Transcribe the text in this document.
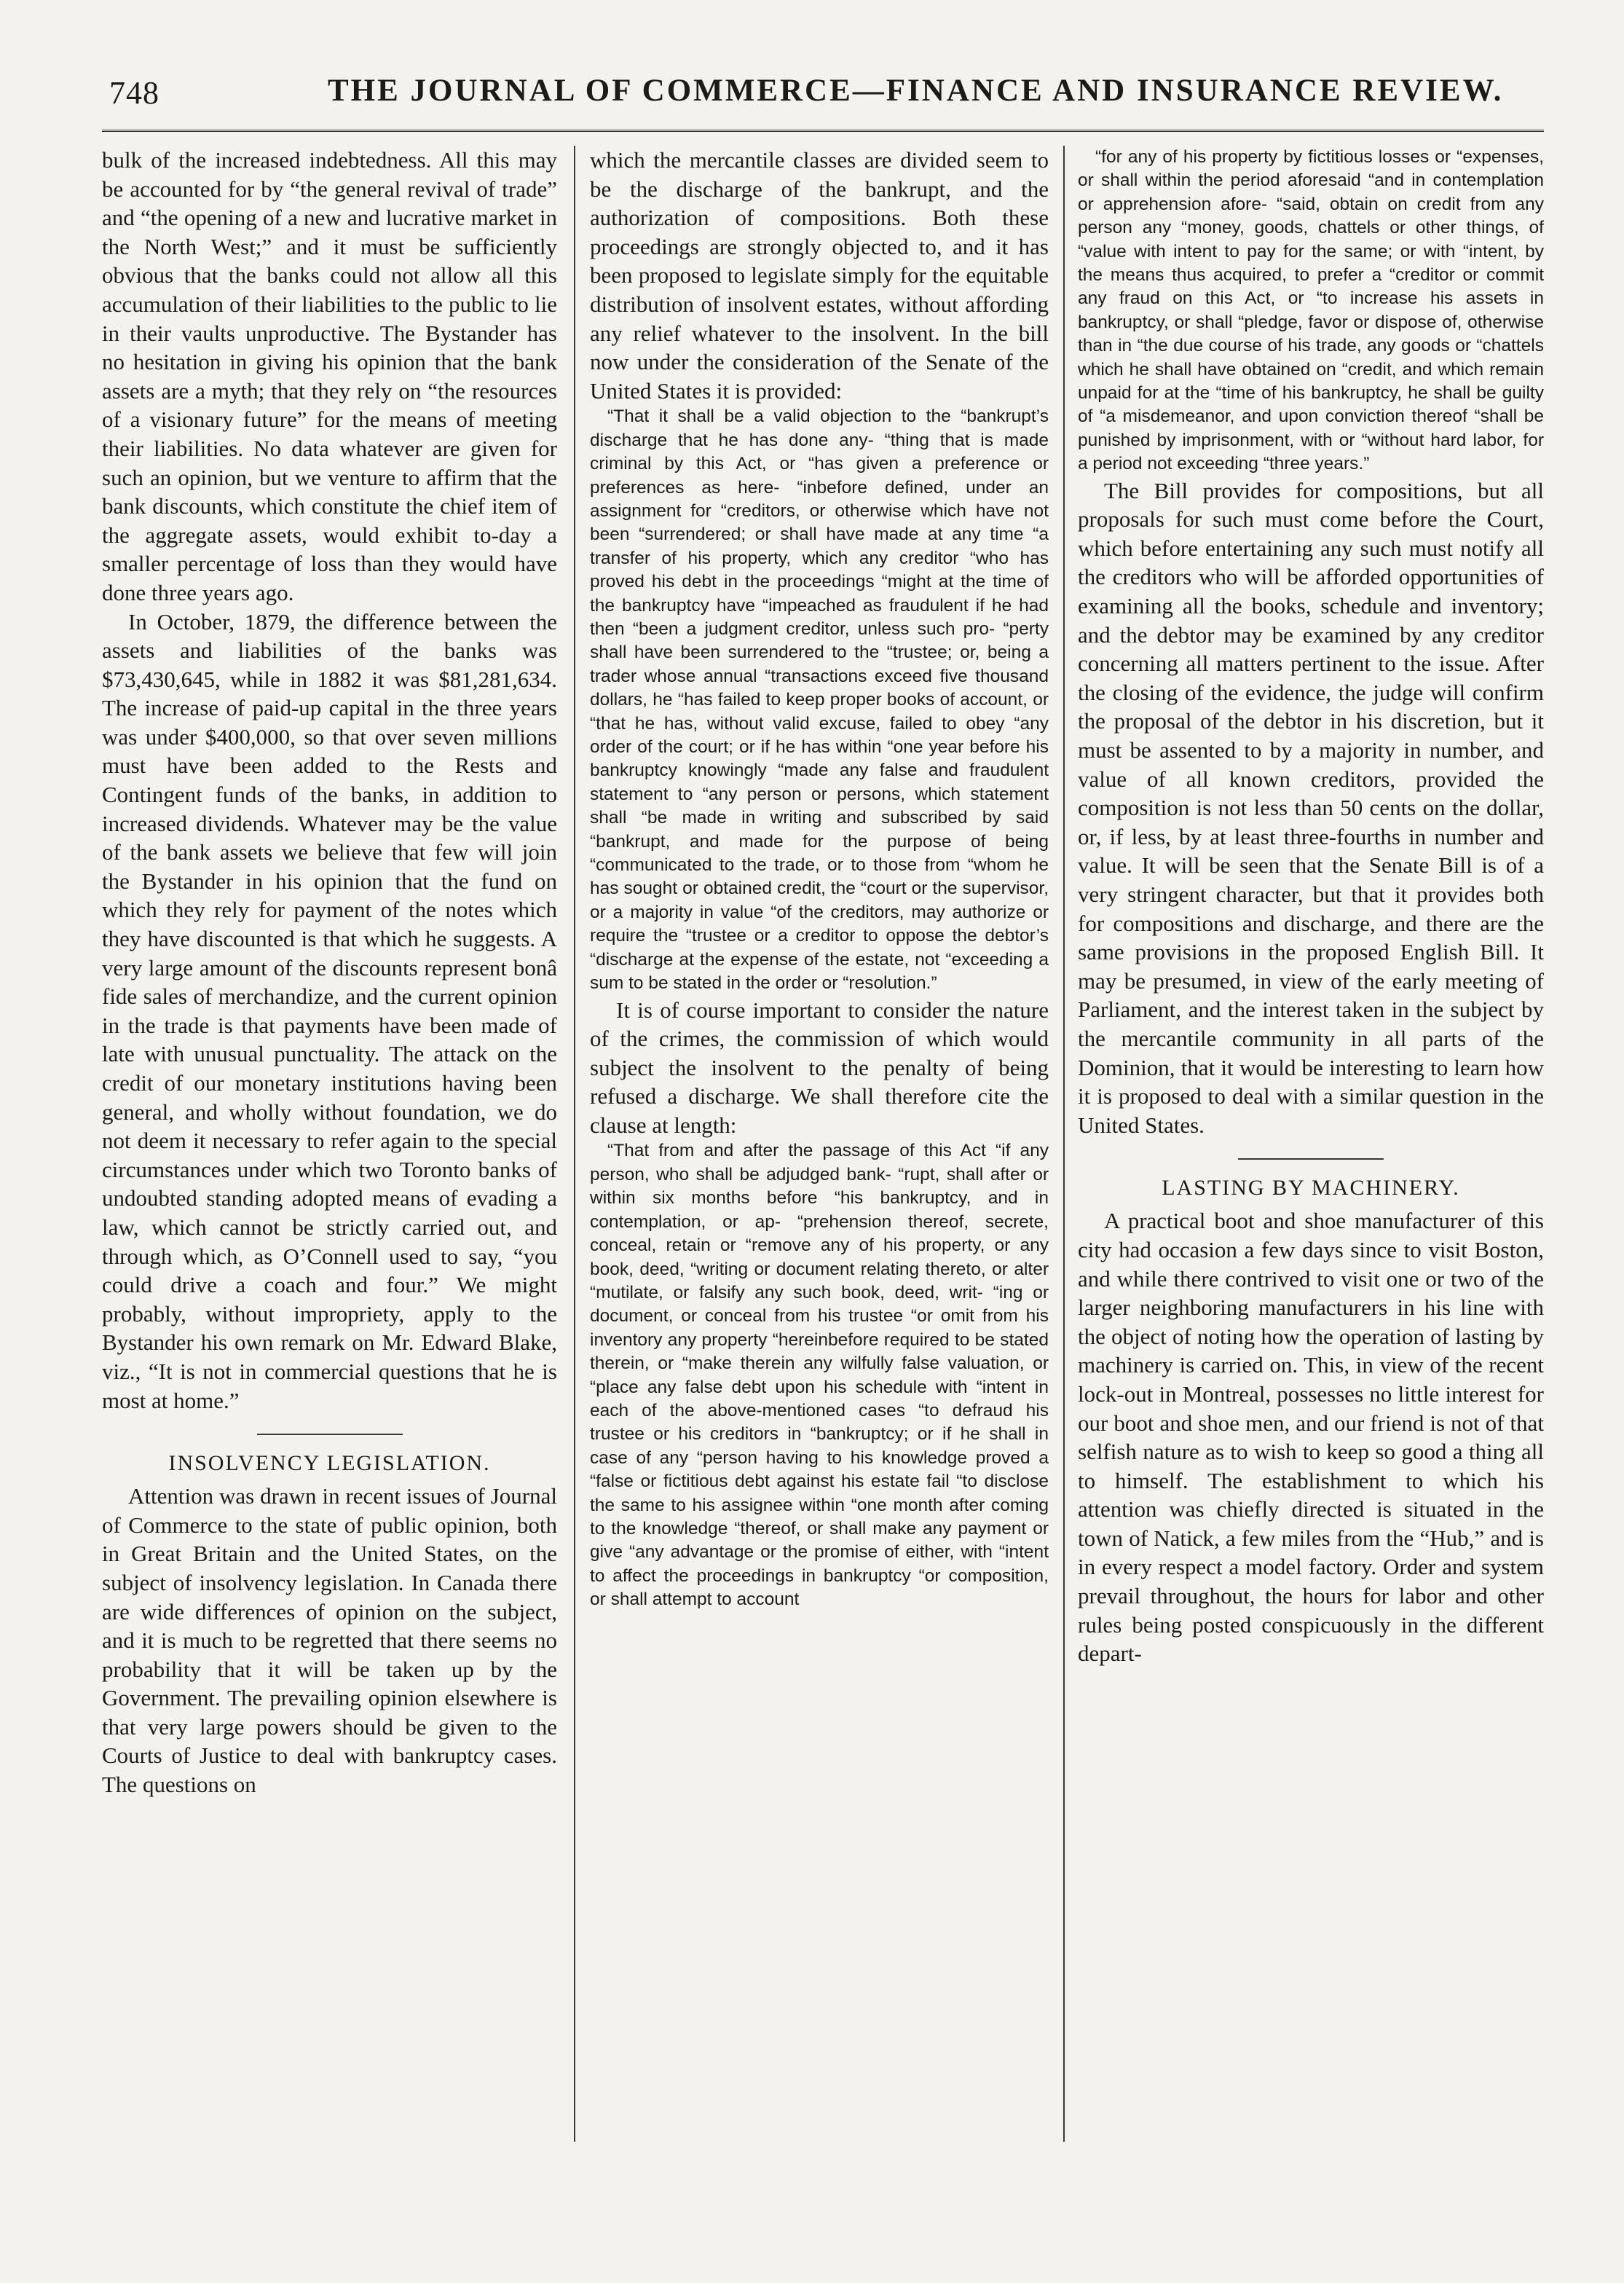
748	THE JOURNAL OF COMMERCE—FINANCE AND INSURANCE REVIEW.

bulk of the increased indebtedness. All this may be accounted for by “the general revival of trade” and “the opening of a new and lucrative market in the North West;” and it must be sufficiently obvious that the banks could not allow all this accumulation of their liabilities to the public to lie in their vaults unproductive. The Bystander has no hesitation in giving his opinion that the bank assets are a myth; that they rely on “the resources of a visionary future” for the means of meeting their liabilities. No data whatever are given for such an opinion, but we venture to affirm that the bank discounts, which constitute the chief item of the aggregate assets, would exhibit to-day a smaller percentage of loss than they would have done three years ago.

In October, 1879, the difference between the assets and liabilities of the banks was $73,430,645, while in 1882 it was $81,281,634. The increase of paid-up capital in the three years was under $400,000, so that over seven millions must have been added to the Rests and Contingent funds of the banks, in addition to increased dividends. Whatever may be the value of the bank assets we believe that few will join the Bystander in his opinion that the fund on which they rely for payment of the notes which they have discounted is that which he suggests. A very large amount of the discounts represent bonâ fide sales of merchandize, and the current opinion in the trade is that payments have been made of late with unusual punctuality. The attack on the credit of our monetary institutions having been general, and wholly without foundation, we do not deem it necessary to refer again to the special circumstances under which two Toronto banks of undoubted standing adopted means of evading a law, which cannot be strictly carried out, and through which, as O’Connell used to say, “you could drive a coach and four.” We might probably, without impropriety, apply to the Bystander his own remark on Mr. Edward Blake, viz., “It is not in commercial questions that he is most at home.”

INSOLVENCY LEGISLATION.

Attention was drawn in recent issues of Journal of Commerce to the state of public opinion, both in Great Britain and the United States, on the subject of insolvency legislation. In Canada there are wide differences of opinion on the subject, and it is much to be regretted that there seems no probability that it will be taken up by the Government. The prevailing opinion elsewhere is that very large powers should be given to the Courts of Justice to deal with bankruptcy cases. The questions on

which the mercantile classes are divided seem to be the discharge of the bankrupt, and the authorization of compositions. Both these proceedings are strongly objected to, and it has been proposed to legislate simply for the equitable distribution of insolvent estates, without affording any relief whatever to the insolvent. In the bill now under the consideration of the Senate of the United States it is provided:

“That it shall be a valid objection to the “bankrupt’s discharge that he has done any- “thing that is made criminal by this Act, or “has given a preference or preferences as here- “inbefore defined, under an assignment for “creditors, or otherwise which have not been “surrendered; or shall have made at any time “a transfer of his property, which any creditor “who has proved his debt in the proceedings “might at the time of the bankruptcy have “impeached as fraudulent if he had then “been a judgment creditor, unless such pro- “perty shall have been surrendered to the “trustee; or, being a trader whose annual “transactions exceed five thousand dollars, he “has failed to keep proper books of account, or “that he has, without valid excuse, failed to obey “any order of the court; or if he has within “one year before his bankruptcy knowingly “made any false and fraudulent statement to “any person or persons, which statement shall “be made in writing and subscribed by said “bankrupt, and made for the purpose of being “communicated to the trade, or to those from “whom he has sought or obtained credit, the “court or the supervisor, or a majority in value “of the creditors, may authorize or require the “trustee or a creditor to oppose the debtor’s “discharge at the expense of the estate, not “exceeding a sum to be stated in the order or “resolution.”

It is of course important to consider the nature of the crimes, the commission of which would subject the insolvent to the penalty of being refused a discharge. We shall therefore cite the clause at length:

“That from and after the passage of this Act “if any person, who shall be adjudged bank- “rupt, shall after or within six months before “his bankruptcy, and in contemplation, or ap- “prehension thereof, secrete, conceal, retain or “remove any of his property, or any book, deed, “writing or document relating thereto, or alter “mutilate, or falsify any such book, deed, writ- “ing or document, or conceal from his trustee “or omit from his inventory any property “hereinbefore required to be stated therein, or “make therein any wilfully false valuation, or “place any false debt upon his schedule with “intent in each of the above-mentioned cases “to defraud his trustee or his creditors in “bankruptcy; or if he shall in case of any “person having to his knowledge proved a “false or fictitious debt against his estate fail “to disclose the same to his assignee within “one month after coming to the knowledge “thereof, or shall make any payment or give “any advantage or the promise of either, with “intent to affect the proceedings in bankruptcy “or composition, or shall attempt to account

“for any of his property by fictitious losses or “expenses, or shall within the period aforesaid “and in contemplation or apprehension afore- “said, obtain on credit from any person any “money, goods, chattels or other things, of “value with intent to pay for the same; or with “intent, by the means thus acquired, to prefer a “creditor or commit any fraud on this Act, or “to increase his assets in bankruptcy, or shall “pledge, favor or dispose of, otherwise than in “the due course of his trade, any goods or “chattels which he shall have obtained on “credit, and which remain unpaid for at the “time of his bankruptcy, he shall be guilty of “a misdemeanor, and upon conviction thereof “shall be punished by imprisonment, with or “without hard labor, for a period not exceeding “three years.”

The Bill provides for compositions, but all proposals for such must come before the Court, which before entertaining any such must notify all the creditors who will be afforded opportunities of examining all the books, schedule and inventory; and the debtor may be examined by any creditor concerning all matters pertinent to the issue. After the closing of the evidence, the judge will confirm the proposal of the debtor in his discretion, but it must be assented to by a majority in number, and value of all known creditors, provided the composition is not less than 50 cents on the dollar, or, if less, by at least three-fourths in number and value. It will be seen that the Senate Bill is of a very stringent character, but that it provides both for compositions and discharge, and there are the same provisions in the proposed English Bill. It may be presumed, in view of the early meeting of Parliament, and the interest taken in the subject by the mercantile community in all parts of the Dominion, that it would be interesting to learn how it is proposed to deal with a similar question in the United States.

LASTING BY MACHINERY.

A practical boot and shoe manufacturer of this city had occasion a few days since to visit Boston, and while there contrived to visit one or two of the larger neighboring manufacturers in his line with the object of noting how the operation of lasting by machinery is carried on. This, in view of the recent lock-out in Montreal, possesses no little interest for our boot and shoe men, and our friend is not of that selfish nature as to wish to keep so good a thing all to himself. The establishment to which his attention was chiefly directed is situated in the town of Natick, a few miles from the “Hub,” and is in every respect a model factory. Order and system prevail throughout, the hours for labor and other rules being posted conspicuously in the different depart-
